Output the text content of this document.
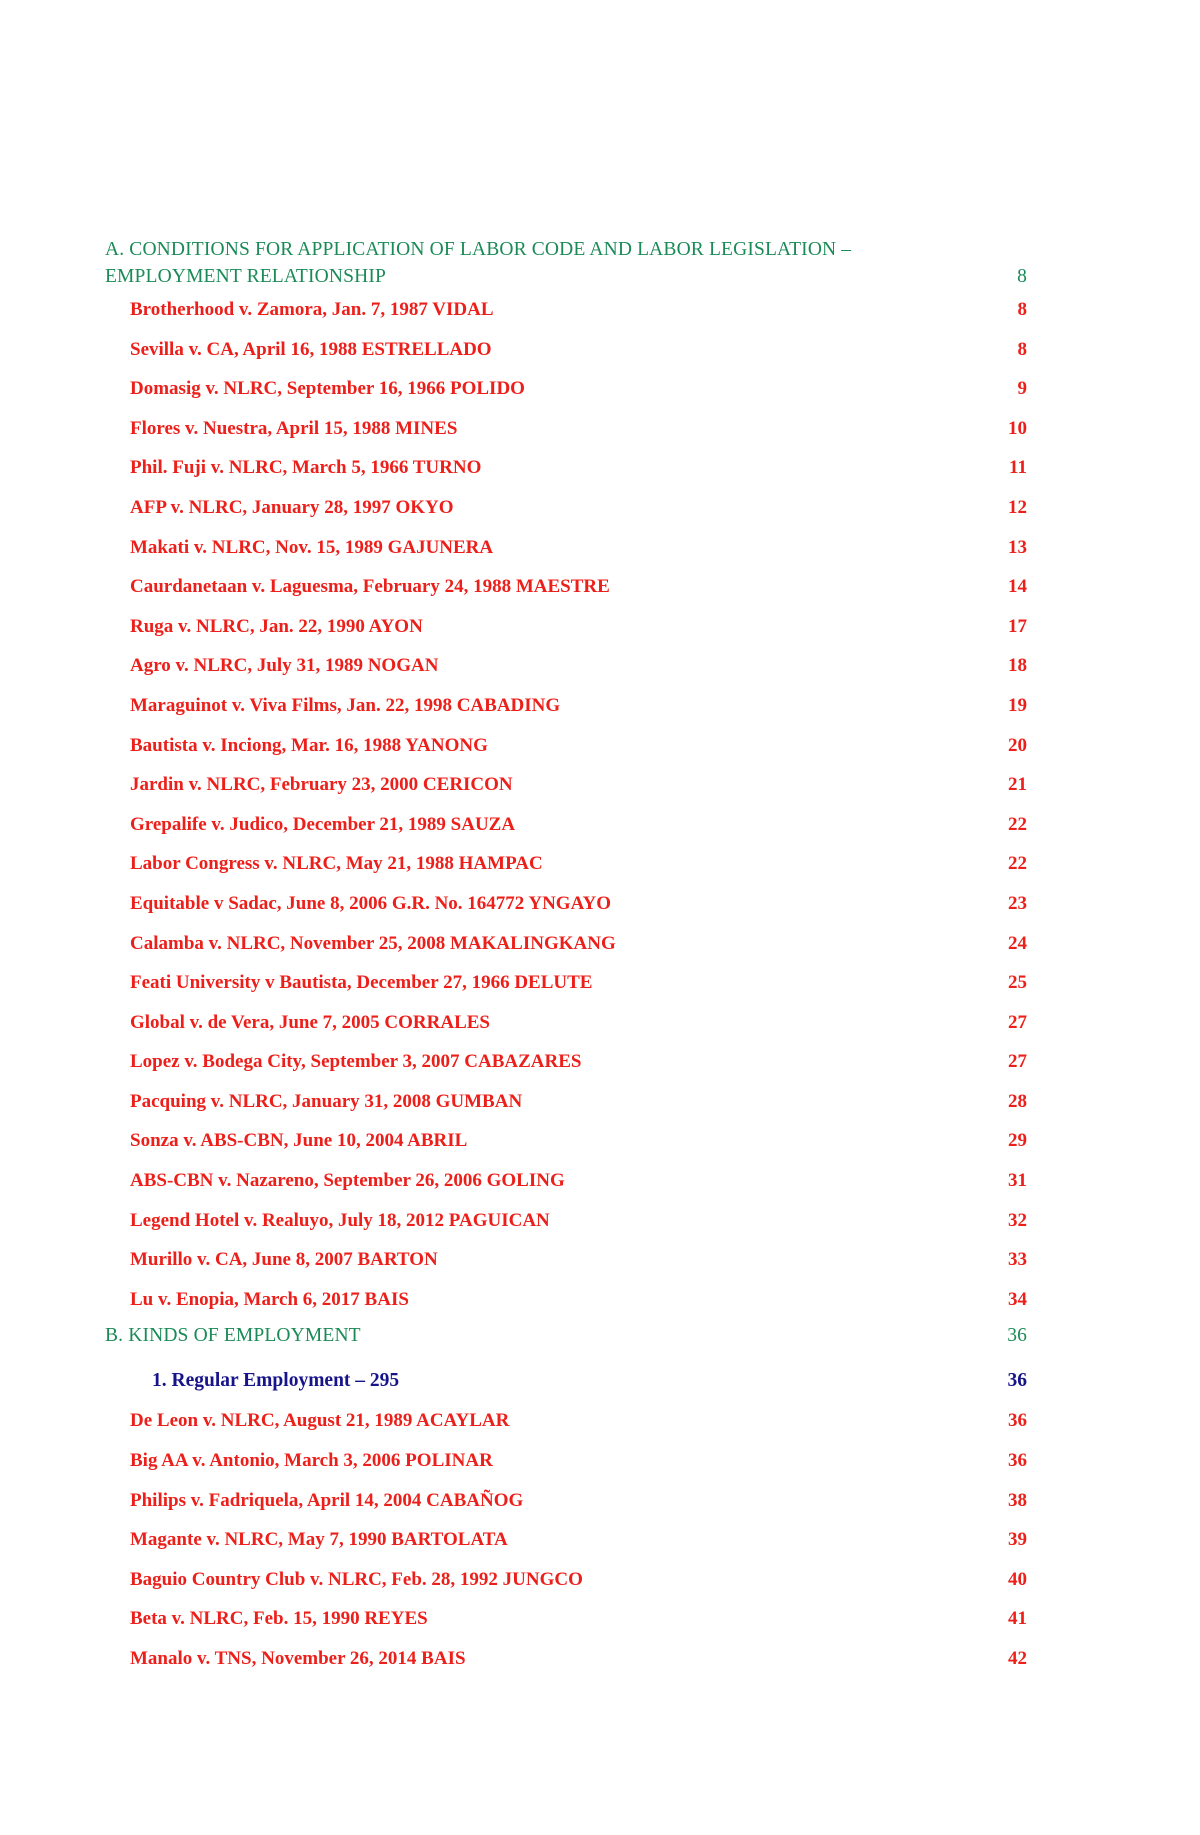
A. CONDITIONS FOR APPLICATION OF LABOR CODE AND LABOR LEGISLATION – EMPLOYMENT RELATIONSHIP	8
Brotherhood v. Zamora, Jan. 7, 1987 VIDAL	8
Sevilla v. CA, April 16, 1988 ESTRELLADO	8
Domasig v. NLRC, September 16, 1966 POLIDO	9
Flores v. Nuestra, April 15, 1988 MINES	10
Phil. Fuji v. NLRC, March 5, 1966 TURNO	11
AFP v. NLRC, January 28, 1997 OKYO	12
Makati v. NLRC, Nov. 15, 1989 GAJUNERA	13
Caurdanetaan v. Laguesma, February 24, 1988 MAESTRE	14
Ruga v. NLRC, Jan. 22, 1990 AYON	17
Agro v. NLRC, July 31, 1989 NOGAN	18
Maraguinot v. Viva Films, Jan. 22, 1998 CABADING	19
Bautista v. Inciong, Mar. 16, 1988 YANONG	20
Jardin v. NLRC, February 23, 2000 CERICON	21
Grepalife v. Judico, December 21, 1989 SAUZA	22
Labor Congress v. NLRC, May 21, 1988 HAMPAC	22
Equitable v Sadac, June 8, 2006 G.R. No. 164772 YNGAYO	23
Calamba v. NLRC, November 25, 2008 MAKALINGKANG	24
Feati University v Bautista, December 27, 1966 DELUTE	25
Global v. de Vera, June 7, 2005 CORRALES	27
Lopez v. Bodega City, September 3, 2007 CABAZARES	27
Pacquing v. NLRC, January 31, 2008 GUMBAN	28
Sonza v. ABS-CBN, June 10, 2004 ABRIL	29
ABS-CBN v. Nazareno, September 26, 2006 GOLING	31
Legend Hotel v. Realuyo, July 18, 2012 PAGUICAN	32
Murillo v. CA, June 8, 2007 BARTON	33
Lu v. Enopia, March 6, 2017 BAIS	34
B. KINDS OF EMPLOYMENT	36
1. Regular Employment – 295	36
De Leon v. NLRC, August 21, 1989 ACAYLAR	36
Big AA v. Antonio, March 3, 2006 POLINAR	36
Philips v. Fadriquela, April 14, 2004 CABAÑOG	38
Magante v. NLRC, May 7, 1990 BARTOLATA	39
Baguio Country Club v. NLRC, Feb. 28, 1992 JUNGCO	40
Beta v. NLRC, Feb. 15, 1990 REYES	41
Manalo v. TNS, November 26, 2014 BAIS	42
